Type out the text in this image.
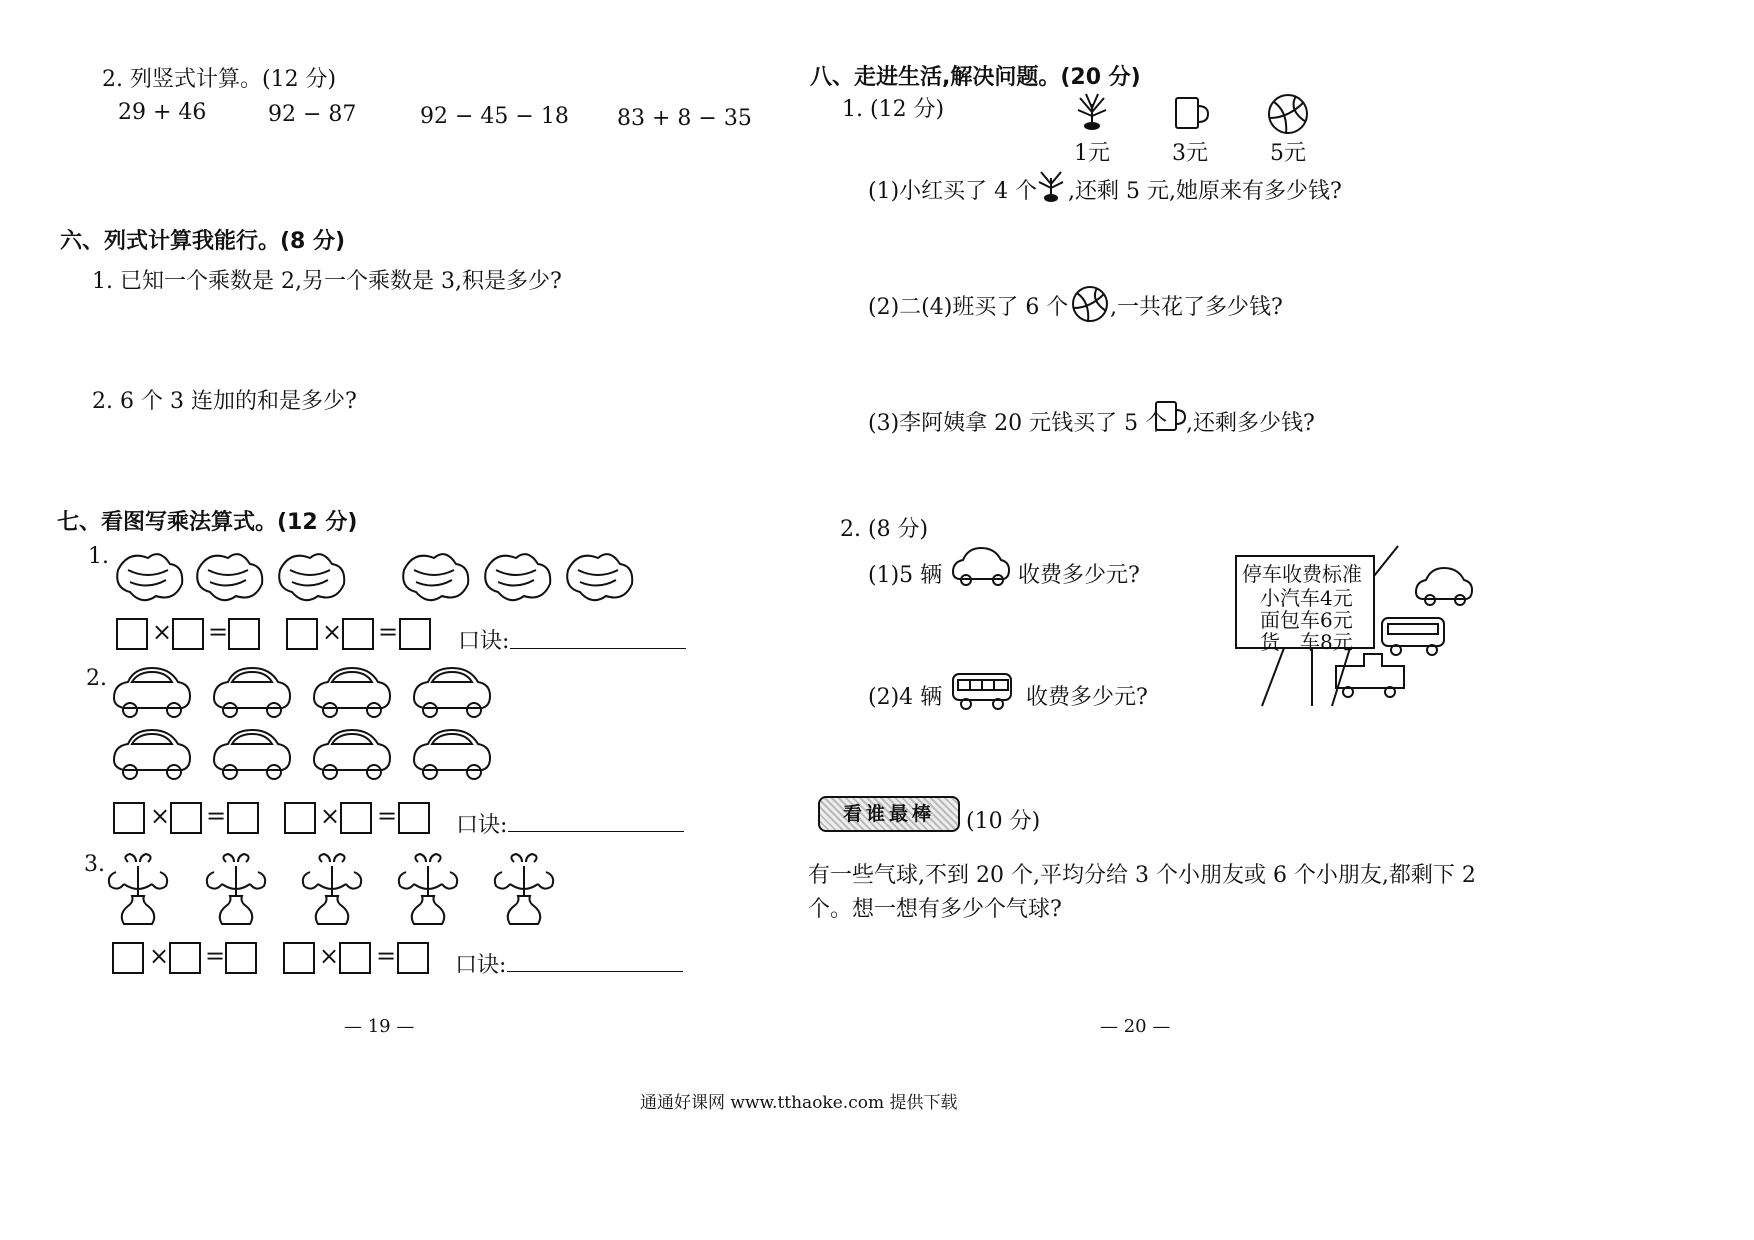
2. 列竖式计算。(12 分)
29 + 46	92 − 87	92 − 45 − 18 83 + 8 − 35
六、列式计算我能行。(8 分)
1. 已知一个乘数是 2,另一个乘数是 3,积是多少?
2. 6 个 3 连加的和是多少?
七、看图写乘法算式。(12 分)
1.
× =	× =	口诀:
2.
× =	× =	口诀:
3.
× =	× =	口诀:
— 19 —
八、走进生活,解决问题。(20 分)
1. (12 分)
1元	3元	5元
(1)小红买了 4 个 ,还剩 5 元,她原来有多少钱?
(2)二(4)班买了 6 个 ,一共花了多少钱?
(3)李阿姨拿 20 元钱买了 5 个 ,还剩多少钱?
2. (8 分)
(1)5 辆	收费多少元?
(2)4 辆	收费多少元?
停车收费标准
小汽车4元
面包车6元
货　车8元
看谁最棒	(10 分)
有一些气球,不到 20 个,平均分给 3 个小朋友或 6 个小朋友,都剩下 2
个。想一想有多少个气球?
— 20 —
通通好课网 www.tthaoke.com 提供下载
